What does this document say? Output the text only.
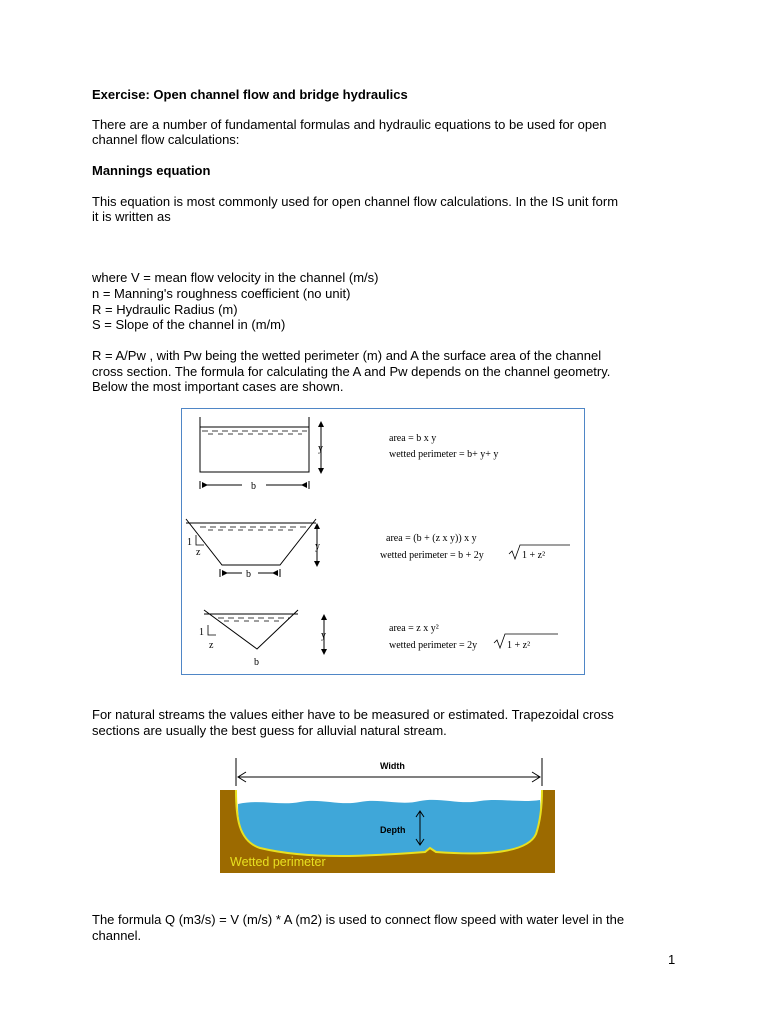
Exercise: Open channel flow and bridge hydraulics
There are a number of fundamental formulas and hydraulic equations to be used for open
channel flow calculations:
Mannings equation
This equation is most commonly used for open channel flow calculations. In the IS unit form
it is written as
where V = mean flow velocity in the channel (m/s)
n = Manning's roughness coefficient (no unit)
R = Hydraulic Radius (m)
S = Slope of the channel in (m/m)
R = A/Pw , with Pw being the wetted perimeter (m) and A the surface area of the channel
cross section. The formula for calculating the A and Pw depends on the channel geometry.
Below the most important cases are shown.
y
b
area = b x y
wetted perimeter = b+ y+ y
1
z
y
b
area = (b + (z x y)) x y
wetted perimeter = b + 2y	1 + z²
1
z
y
b
area = z x y²
wetted perimeter = 2y	1 + z²
For natural streams the values either have to be measured or estimated. Trapezoidal cross
sections are usually the best guess for alluvial natural stream.
Width
Depth
Wetted perimeter
The formula Q (m3/s) = V (m/s) * A (m2) is used to connect flow speed with water level in the
channel.
1
